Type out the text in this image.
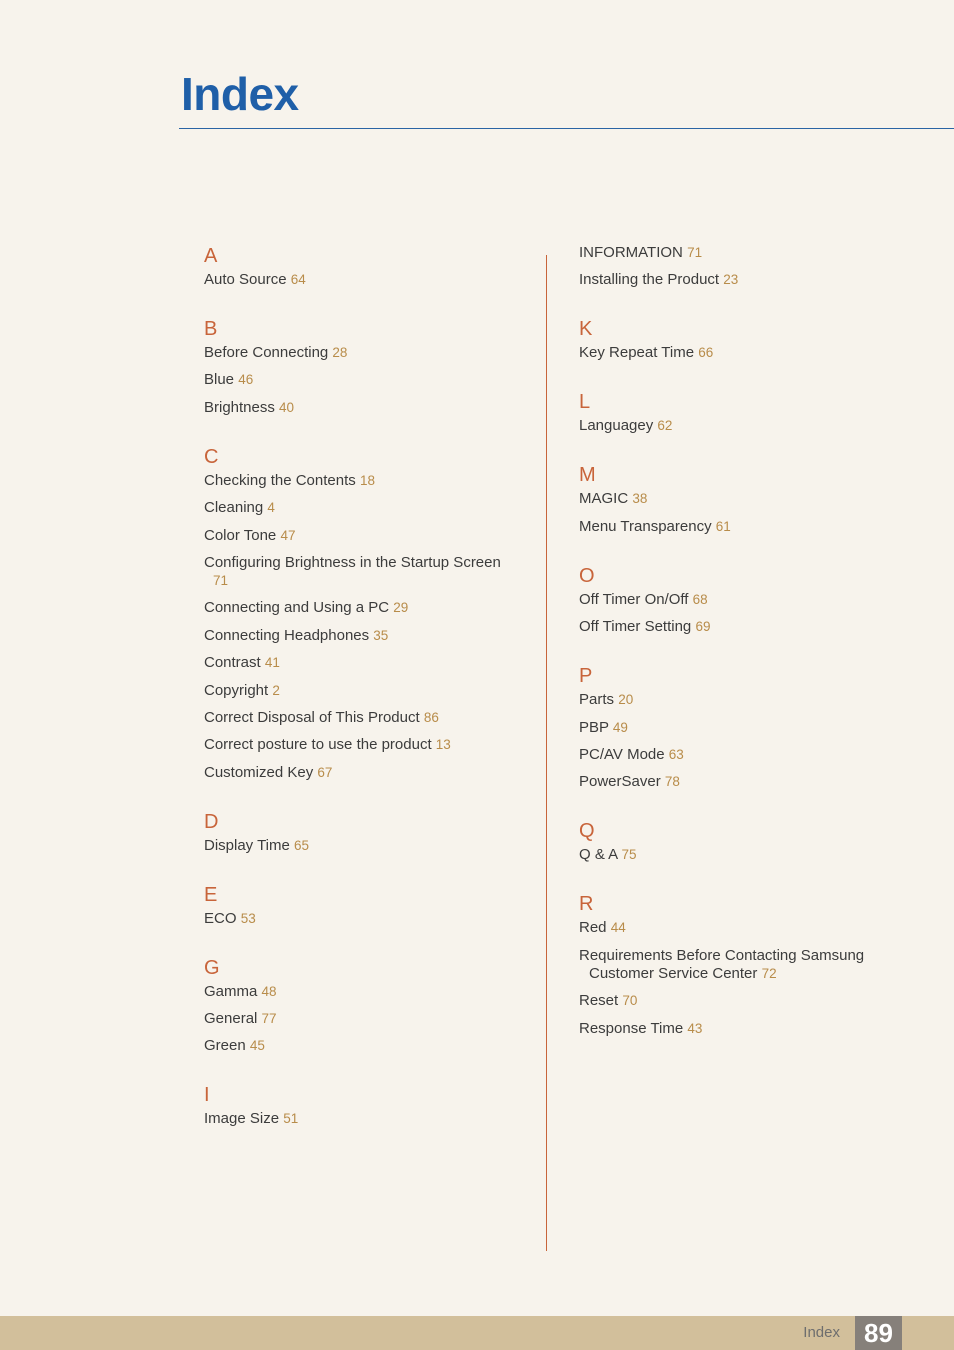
Index
A
Auto Source 64
B
Before Connecting 28
Blue 46
Brightness 40
C
Checking the Contents 18
Cleaning 4
Color Tone 47
Configuring Brightness in the Startup Screen
71
Connecting and Using a PC 29
Connecting Headphones 35
Contrast 41
Copyright 2
Correct Disposal of This Product 86
Correct posture to use the product 13
Customized Key 67
D
Display Time 65
E
ECO 53
G
Gamma 48
General 77
Green 45
I
Image Size 51
INFORMATION 71
Installing the Product 23
K
Key Repeat Time 66
L
Languagey 62
M
MAGIC 38
Menu Transparency 61
O
Off Timer On/Off 68
Off Timer Setting 69
P
Parts 20
PBP 49
PC/AV Mode 63
PowerSaver 78
Q
Q & A 75
R
Red 44
Requirements Before Contacting Samsung
Customer Service Center 72
Reset 70
Response Time 43
Index 89
